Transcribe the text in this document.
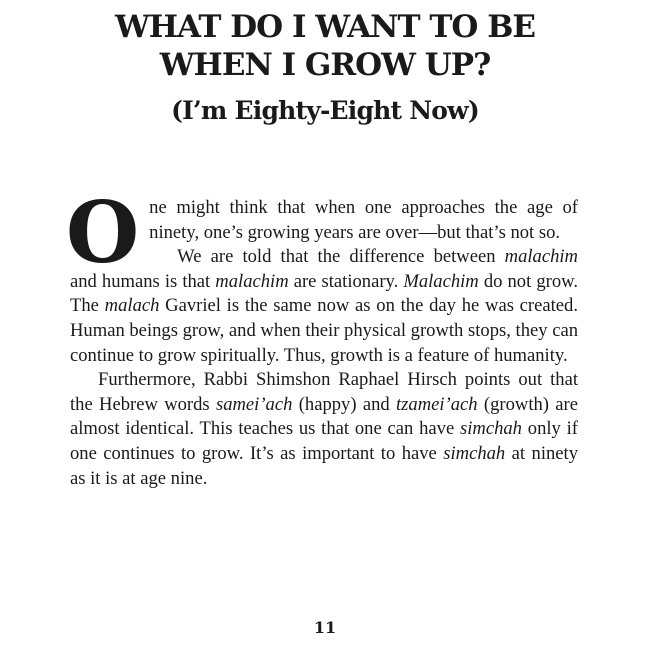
WHAT DO I WANT TO BE
WHEN I GROW UP?
(I’m Eighty-Eight Now)

One might think that when one approaches the age of ninety, one’s growing years are over—but that’s not so.

We are told that the difference between malachim and humans is that malachim are stationary. Malachim do not grow. The malach Gavriel is the same now as on the day he was created. Human beings grow, and when their physical growth stops, they can continue to grow spiritually. Thus, growth is a feature of humanity.

Furthermore, Rabbi Shimshon Raphael Hirsch points out that the Hebrew words samei’ach (happy) and tzamei’ach (growth) are almost identical. This teaches us that one can have simchah only if one continues to grow. It’s as important to have simchah at ninety as it is at age nine.

11
